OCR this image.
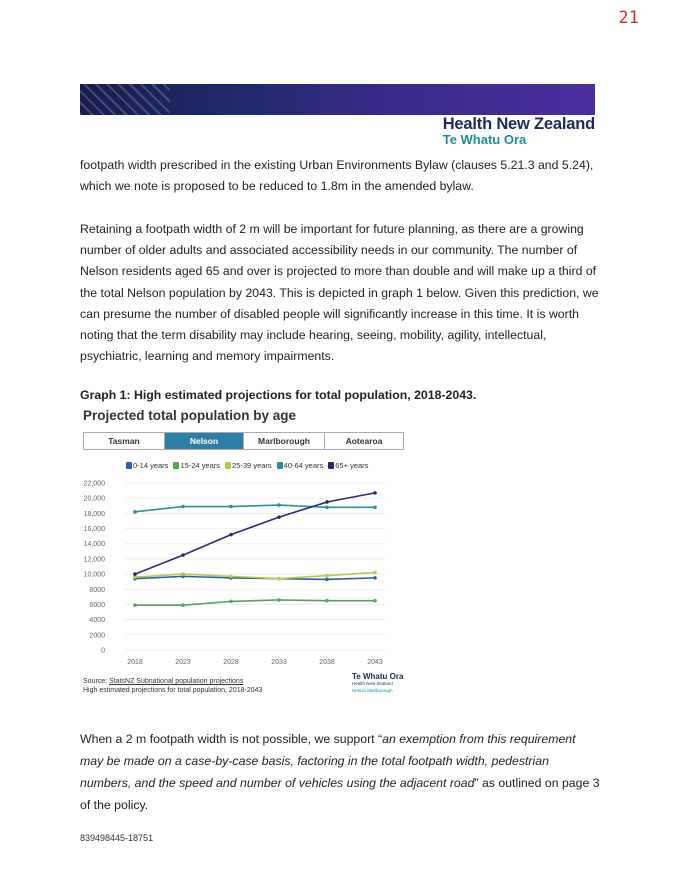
21
Health New Zealand
Te Whatu Ora

footpath width prescribed in the existing Urban Environments Bylaw (clauses 5.21.3 and 5.24), which we note is proposed to be reduced to 1.8m in the amended bylaw.

Retaining a footpath width of 2 m will be important for future planning, as there are a growing number of older adults and associated accessibility needs in our community. The number of Nelson residents aged 65 and over is projected to more than double and will make up a third of the total Nelson population by 2043. This is depicted in graph 1 below. Given this prediction, we can presume the number of disabled people will significantly increase in this time. It is worth noting that the term disability may include hearing, seeing, mobility, agility, intellectual, psychiatric, learning and memory impairments.

Graph 1: High estimated projections for total population, 2018-2043.
Projected total population by age
Tasman	Nelson	Marlborough	Aotearoa
0-14 years 15-24 years 25-39 years 40-64 years 65+ years
0
2000
4000
6000
8000
10,000
12,000
14,000
16,000
18,000
20,000
22,000
2018	2023	2028	2033	2038	2043
Source: StatsNZ Subnational population projections
High estimated projections for total population, 2018-2043
Te Whatu Ora
Health New Zealand
Nelson Marlborough

When a 2 m footpath width is not possible, we support “an exemption from this requirement may be made on a case-by-case basis, factoring in the total footpath width, pedestrian numbers, and the speed and number of vehicles using the adjacent road” as outlined on page 3 of the policy.

839498445-18751
